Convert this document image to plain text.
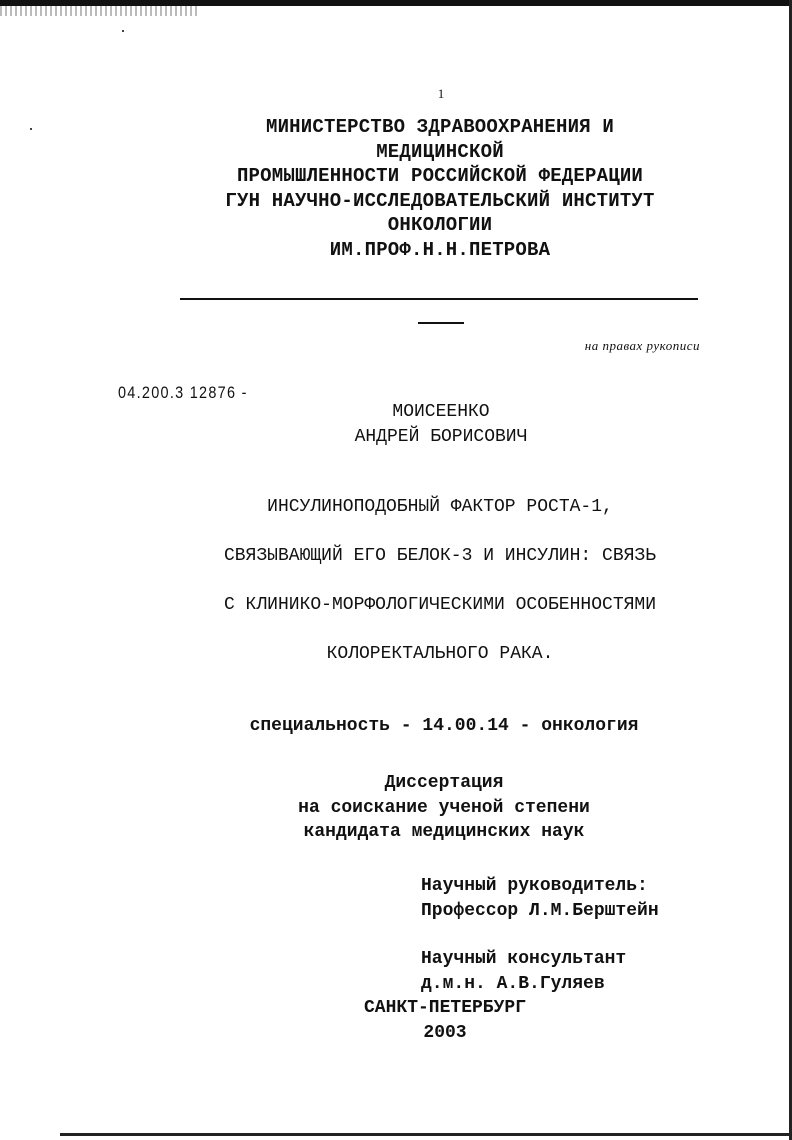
1
МИНИСТЕРСТВО ЗДРАВООХРАНЕНИЯ И
МЕДИЦИНСКОЙ
ПРОМЫШЛЕННОСТИ РОССИЙСКОЙ ФЕДЕРАЦИИ
ГУН НАУЧНО-ИССЛЕДОВАТЕЛЬСКИЙ ИНСТИТУТ
ОНКОЛОГИИ
ИМ.ПРОФ.Н.Н.ПЕТРОВА
на правах рукописи
04.200.3 12876 -
МОИСЕЕНКО
АНДРЕЙ БОРИСОВИЧ
ИНСУЛИНОПОДОБНЫЙ ФАКТОР РОСТА-1,
СВЯЗЫВАЮЩИЙ ЕГО БЕЛОК-3 И ИНСУЛИН: СВЯЗЬ
С КЛИНИКО-МОРФОЛОГИЧЕСКИМИ ОСОБЕННОСТЯМИ
КОЛОРЕКТАЛЬНОГО РАКА.
специальность - 14.00.14 - онкология
Диссертация
на соискание ученой степени
кандидата медицинских наук
Научный руководитель:
Профессор Л.М.Берштейн
Научный консультант
д.м.н. А.В.Гуляев
САНКТ-ПЕТЕРБУРГ
2003
